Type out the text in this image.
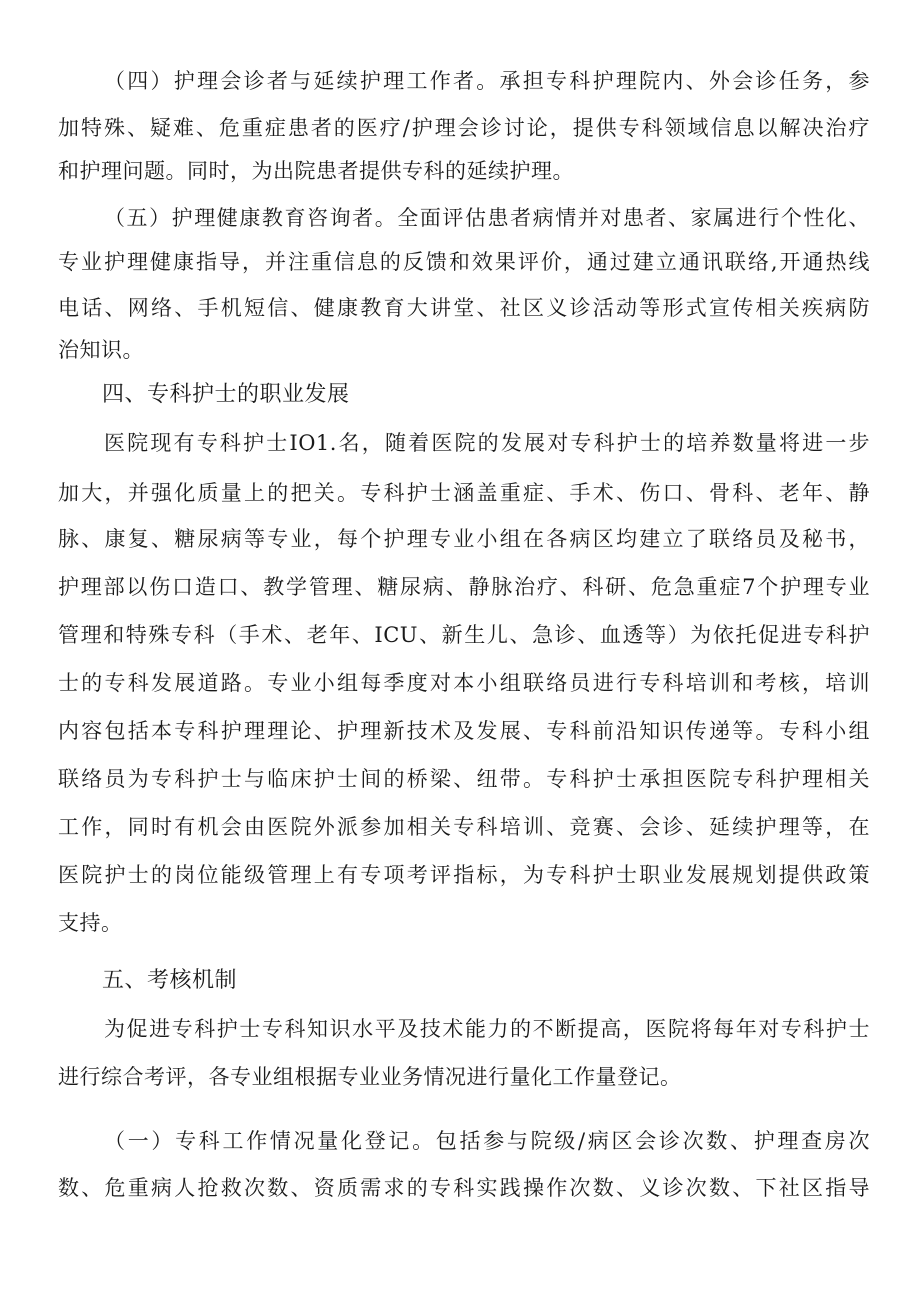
（四）护理会诊者与延续护理工作者。承担专科护理院内、外会诊任务，参
加特殊、疑难、危重症患者的医疗/护理会诊讨论，提供专科领域信息以解决治疗
和护理问题。同时，为出院患者提供专科的延续护理。
（五）护理健康教育咨询者。全面评估患者病情并对患者、家属进行个性化、
专业护理健康指导，并注重信息的反馈和效果评价，通过建立通讯联络,开通热线
电话、网络、手机短信、健康教育大讲堂、社区义诊活动等形式宣传相关疾病防
治知识。
四、专科护士的职业发展
医院现有专科护士IO1.名，随着医院的发展对专科护士的培养数量将进一步
加大，并强化质量上的把关。专科护士涵盖重症、手术、伤口、骨科、老年、静
脉、康复、糖尿病等专业，每个护理专业小组在各病区均建立了联络员及秘书，
护理部以伤口造口、教学管理、糖尿病、静脉治疗、科研、危急重症7个护理专业
管理和特殊专科（手术、老年、ICU、新生儿、急诊、血透等）为依托促进专科护
士的专科发展道路。专业小组每季度对本小组联络员进行专科培训和考核，培训
内容包括本专科护理理论、护理新技术及发展、专科前沿知识传递等。专科小组
联络员为专科护士与临床护士间的桥梁、纽带。专科护士承担医院专科护理相关
工作，同时有机会由医院外派参加相关专科培训、竞赛、会诊、延续护理等，在
医院护士的岗位能级管理上有专项考评指标，为专科护士职业发展规划提供政策
支持。
五、考核机制
为促进专科护士专科知识水平及技术能力的不断提高，医院将每年对专科护士
进行综合考评，各专业组根据专业业务情况进行量化工作量登记。
（一）专科工作情况量化登记。包括参与院级/病区会诊次数、护理查房次
数、危重病人抢救次数、资质需求的专科实践操作次数、义诊次数、下社区指导
